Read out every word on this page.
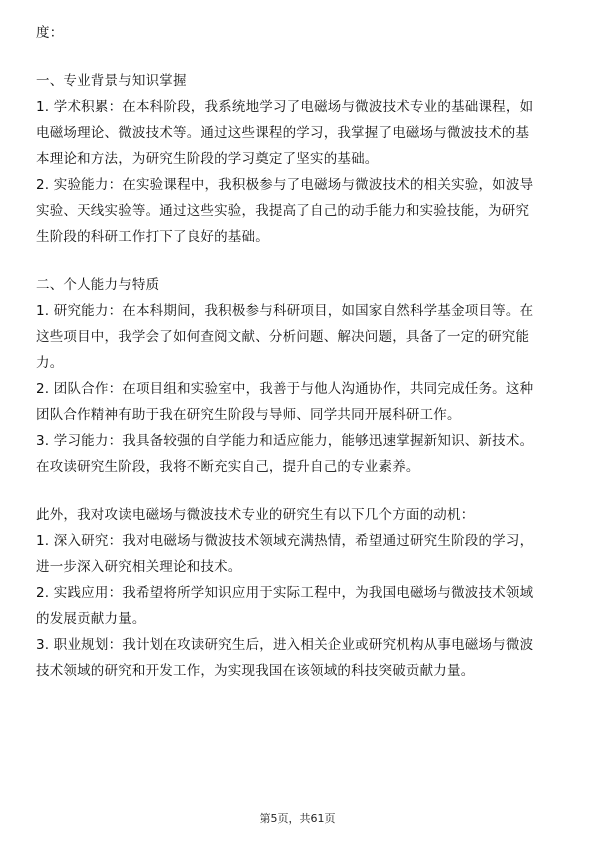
度：
一、专业背景与知识掌握
1. 学术积累：在本科阶段，我系统地学习了电磁场与微波技术专业的基础课程，如
电磁场理论、微波技术等。通过这些课程的学习，我掌握了电磁场与微波技术的基
本理论和方法，为研究生阶段的学习奠定了坚实的基础。
2. 实验能力：在实验课程中，我积极参与了电磁场与微波技术的相关实验，如波导
实验、天线实验等。通过这些实验，我提高了自己的动手能力和实验技能，为研究
生阶段的科研工作打下了良好的基础。
二、个人能力与特质
1. 研究能力：在本科期间，我积极参与科研项目，如国家自然科学基金项目等。在
这些项目中，我学会了如何查阅文献、分析问题、解决问题，具备了一定的研究能
力。
2. 团队合作：在项目组和实验室中，我善于与他人沟通协作，共同完成任务。这种
团队合作精神有助于我在研究生阶段与导师、同学共同开展科研工作。
3. 学习能力：我具备较强的自学能力和适应能力，能够迅速掌握新知识、新技术。
在攻读研究生阶段，我将不断充实自己，提升自己的专业素养。
此外，我对攻读电磁场与微波技术专业的研究生有以下几个方面的动机：
1. 深入研究：我对电磁场与微波技术领域充满热情，希望通过研究生阶段的学习，
进一步深入研究相关理论和技术。
2. 实践应用：我希望将所学知识应用于实际工程中，为我国电磁场与微波技术领域
的发展贡献力量。
3. 职业规划：我计划在攻读研究生后，进入相关企业或研究机构从事电磁场与微波
技术领域的研究和开发工作，为实现我国在该领域的科技突破贡献力量。
第5页，共61页
